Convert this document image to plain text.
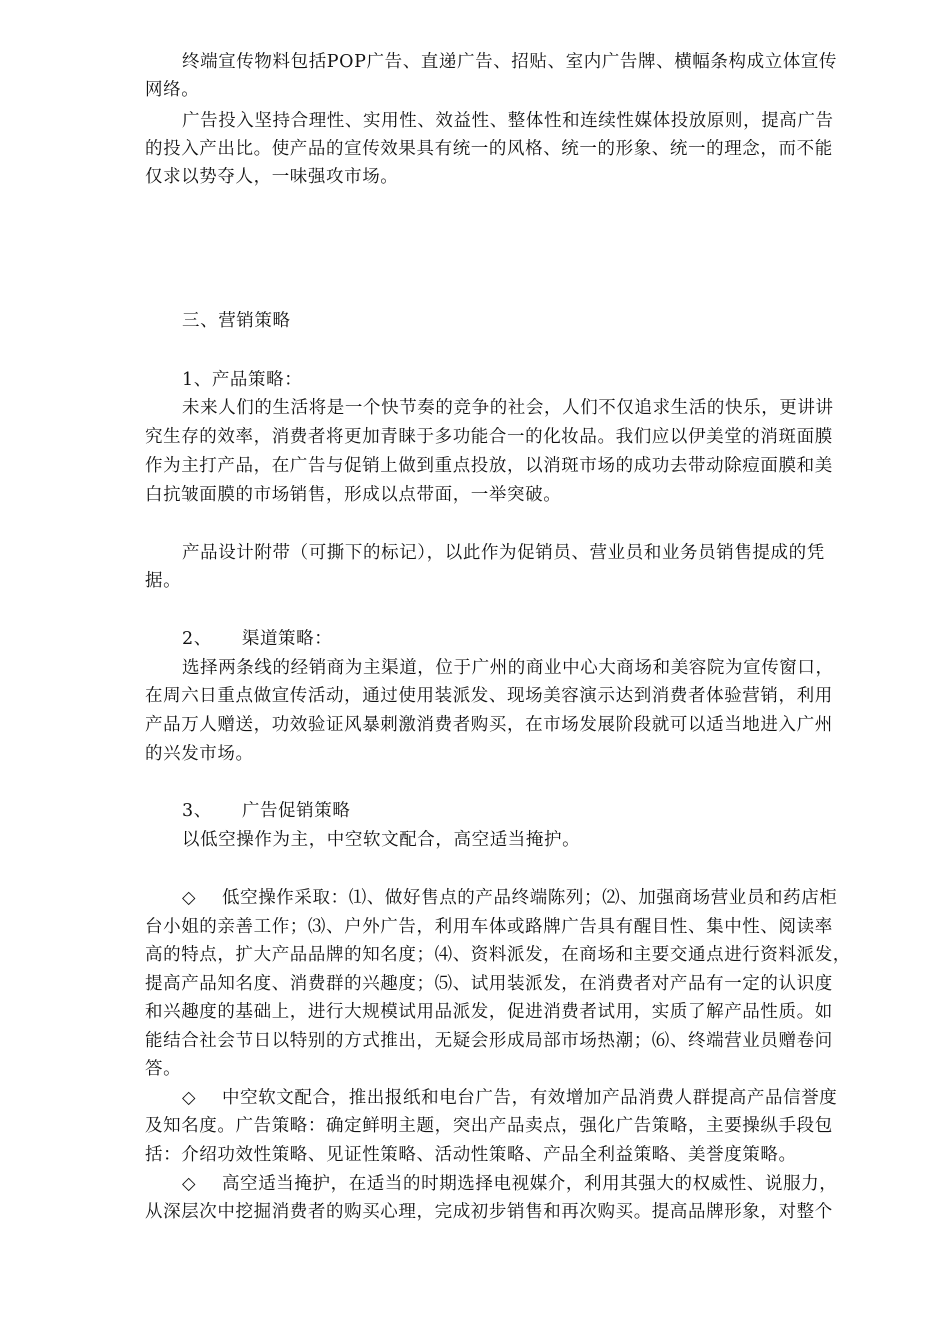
终端宣传物料包括POP广告、直递广告、招贴、室内广告牌、横幅条构成立体宣传
网络。
广告投入坚持合理性、实用性、效益性、整体性和连续性媒体投放原则，提高广告
的投入产出比。使产品的宣传效果具有统一的风格、统一的形象、统一的理念，而不能
仅求以势夺人，一味强攻市场。
三、营销策略
1、产品策略：
未来人们的生活将是一个快节奏的竞争的社会，人们不仅追求生活的快乐，更讲讲
究生存的效率，消费者将更加青睐于多功能合一的化妆品。我们应以伊美堂的消斑面膜
作为主打产品，在广告与促销上做到重点投放，以消斑市场的成功去带动除痘面膜和美
白抗皱面膜的市场销售，形成以点带面，一举突破。
产品设计附带（可撕下的标记），以此作为促销员、营业员和业务员销售提成的凭
据。
2、 渠道策略：
选择两条线的经销商为主渠道，位于广州的商业中心大商场和美容院为宣传窗口，
在周六日重点做宣传活动，通过使用装派发、现场美容演示达到消费者体验营销，利用
产品万人赠送，功效验证风暴刺激消费者购买，在市场发展阶段就可以适当地进入广州
的兴发市场。
3、 广告促销策略
以低空操作为主，中空软文配合，高空适当掩护。
◇ 低空操作采取：⑴、做好售点的产品终端陈列；⑵、加强商场营业员和药店柜
台小姐的亲善工作；⑶、户外广告，利用车体或路牌广告具有醒目性、集中性、阅读率
高的特点，扩大产品品牌的知名度；⑷、资料派发，在商场和主要交通点进行资料派发，
提高产品知名度、消费群的兴趣度；⑸、试用装派发，在消费者对产品有一定的认识度
和兴趣度的基础上，进行大规模试用品派发，促进消费者试用，实质了解产品性质。如
能结合社会节日以特别的方式推出，无疑会形成局部市场热潮；⑹、终端营业员赠卷问
答。
◇ 中空软文配合，推出报纸和电台广告，有效增加产品消费人群提高产品信誉度
及知名度。广告策略：确定鲜明主题，突出产品卖点，强化广告策略，主要操纵手段包
括：介绍功效性策略、见证性策略、活动性策略、产品全利益策略、美誉度策略。
◇ 高空适当掩护，在适当的时期选择电视媒介，利用其强大的权威性、说服力，
从深层次中挖掘消费者的购买心理，完成初步销售和再次购买。提高品牌形象，对整个
